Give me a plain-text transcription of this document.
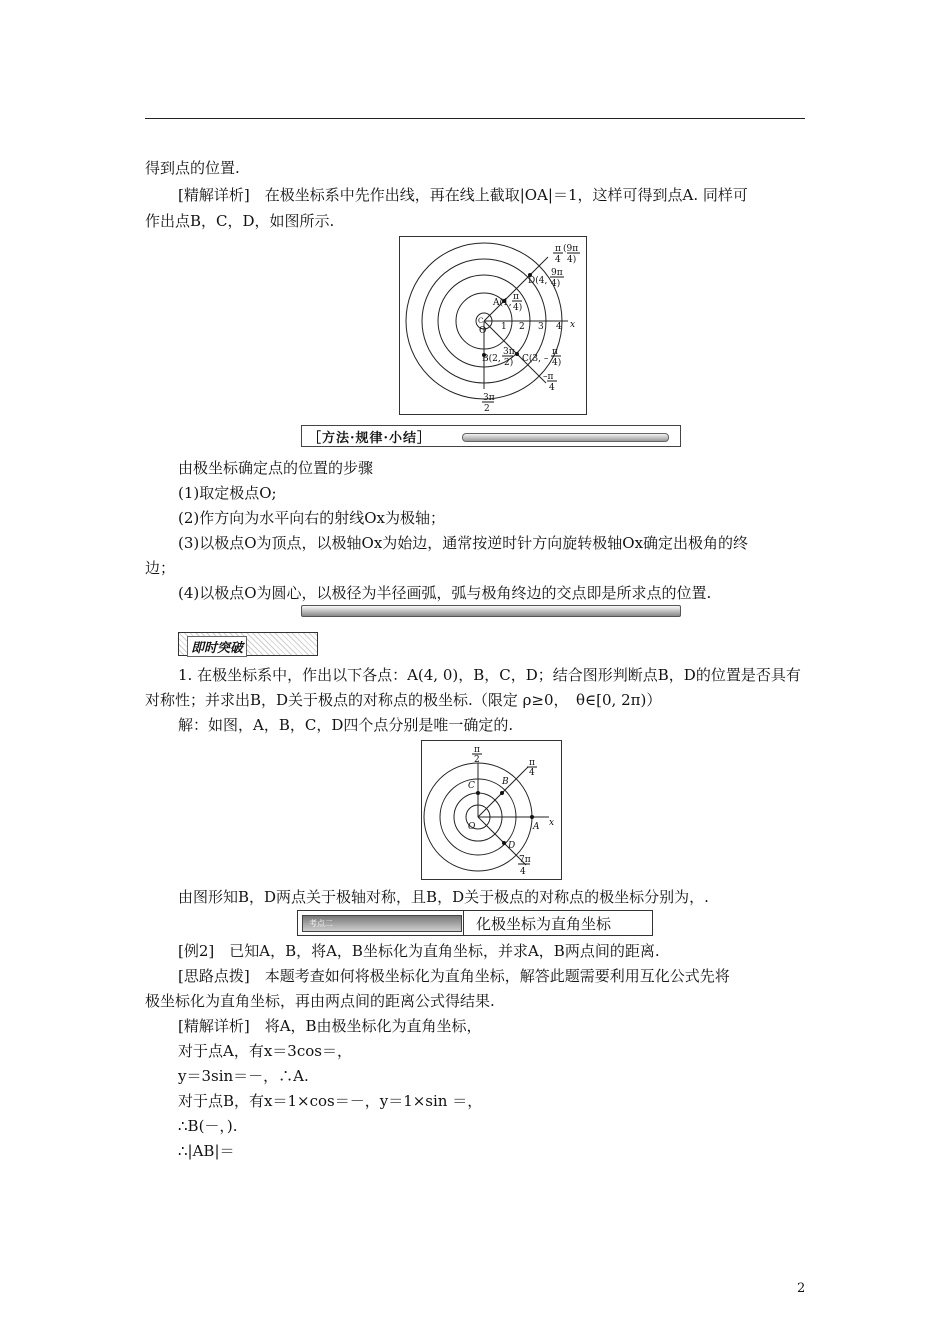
得到点的位置.
[精解详析]　在极坐标系中先作出线，再在线上截取|OA|＝1，这样可得到点A. 同样可
作出点B，C，D，如图所示.
π
4
(9π
4)
D(4,
9π
4)
A(1,
π
4)
O
C
1 2 3 4 x
B(2,
3π
2) C(3, –
π
4)
–π
4
3π
2
［方法·规律·小结］
由极坐标确定点的位置的步骤
(1)取定极点O;
(2)作方向为水平向右的射线Ox为极轴；
(3)以极点O为顶点，以极轴Ox为始边，通常按逆时针方向旋转极轴Ox确定出极角的终
边；
(4)以极点O为圆心，以极径为半径画弧，弧与极角终边的交点即是所求点的位置.
即时突破
1. 在极坐标系中，作出以下各点：A(4, 0)，B，C，D；结合图形判断点B，D的位置是否具有
对称性；并求出B，D关于极点的对称点的极坐标.（限定 ρ≥0，　θ∈[0, 2π)）
解：如图，A，B，C，D四个点分别是唯一确定的.
π
2	π
4
B
C
O	A x
D
7π
4
由图形知B，D两点关于极轴对称，且B，D关于极点的对称点的极坐标分别为，.
考点二	化极坐标为直角坐标
[例2]　已知A，B，将A，B坐标化为直角坐标，并求A，B两点间的距离.
[思路点拨]　本题考查如何将极坐标化为直角坐标，解答此题需要利用互化公式先将
极坐标化为直角坐标，再由两点间的距离公式得结果.
[精解详析]　将A，B由极坐标化为直角坐标，
对于点A，有x＝3cos＝，
y＝3sin＝－，∴A.
对于点B，有x＝1×cos＝－，y＝1×sin ＝，
∴B(－，).
∴|AB|＝
2
